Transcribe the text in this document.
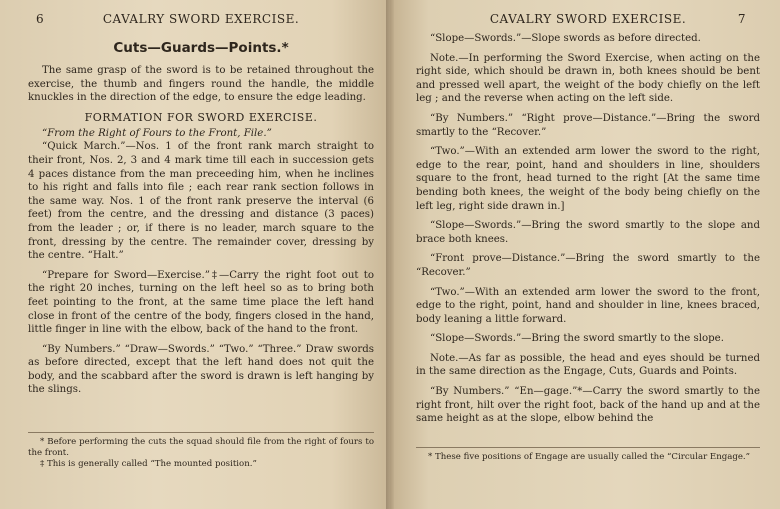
6	CAVALRY SWORD EXERCISE.
Cuts—Guards—Points.*

The same grasp of the sword is to be retained throughout the exercise, the thumb and fingers round the handle, the middle knuckles in the direction of the edge, to ensure the edge leading.

FORMATION FOR SWORD EXERCISE.

“From the Right of Fours to the Front, File.”

“Quick March.”—Nos. 1 of the front rank march straight to their front, Nos. 2, 3 and 4 mark time till each in succession gets 4 paces distance from the man preceeding him, when he inclines to his right and falls into file ; each rear rank section follows in the same way. Nos. 1 of the front rank preserve the interval (6 feet) from the centre, and the dressing and distance (3 paces) from the leader ; or, if there is no leader, march square to the front, dressing by the centre. The remainder cover, dressing by the centre. “Halt.”

“Prepare for Sword—Exercise.”‡—Carry the right foot out to the right 20 inches, turning on the left heel so as to bring both feet pointing to the front, at the same time place the left hand close in front of the centre of the body, fingers closed in the hand, little finger in line with the elbow, back of the hand to the front.

“By Numbers.” “Draw—Swords.” “Two.” “Three.” Draw swords as before directed, except that the left hand does not quit the body, and the scabbard after the sword is drawn is left hanging by the slings.

* Before performing the cuts the squad should file from the right of fours to the front.

‡ This is generally called “The mounted position.”

CAVALRY SWORD EXERCISE.	7

“Slope—Swords.”—Slope swords as before directed.

Note.—In performing the Sword Exercise, when acting on the right side, which should be drawn in, both knees should be bent and pressed well apart, the weight of the body chiefly on the left leg ; and the reverse when acting on the left side.

“By Numbers.” “Right prove—Distance.”—Bring the sword smartly to the “Recover.”

“Two.”—With an extended arm lower the sword to the right, edge to the rear, point, hand and shoulders in line, shoulders square to the front, head turned to the right [At the same time bending both knees, the weight of the body being chiefly on the left leg, right side drawn in.]

“Slope—Swords.”—Bring the sword smartly to the slope and brace both knees.

“Front prove—Distance.”—Bring the sword smartly to the “Recover.”

“Two.”—With an extended arm lower the sword to the front, edge to the right, point, hand and shoulder in line, knees braced, body leaning a little forward.

“Slope—Swords.”—Bring the sword smartly to the slope.

Note.—As far as possible, the head and eyes should be turned in the same direction as the Engage, Cuts, Guards and Points.

“By Numbers.” “En—gage.”*—Carry the sword smartly to the right front, hilt over the right foot, back of the hand up and at the same height as at the slope, elbow behind the

* These five positions of Engage are usually called the “Circular Engage.”
